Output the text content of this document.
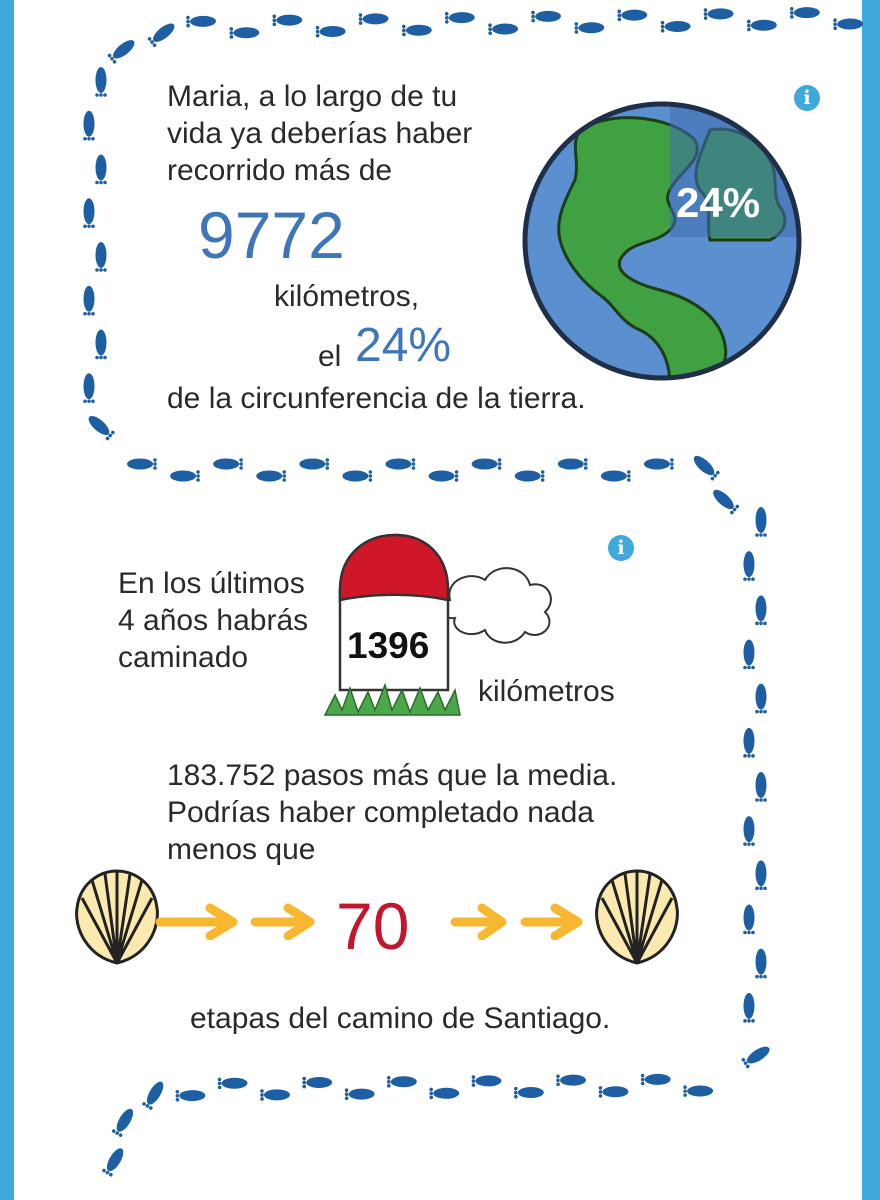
Maria, a lo largo de tu
vida ya deberías haber
recorrido más de
9772
kilómetros,
el 24%
de la circunferencia de la tierra.
i
24%
i
En los últimos
4 años habrás
caminado	1396
kilómetros
183.752 pasos más que la media.
Podrías haber completado nada
menos que
70
etapas del camino de Santiago.
